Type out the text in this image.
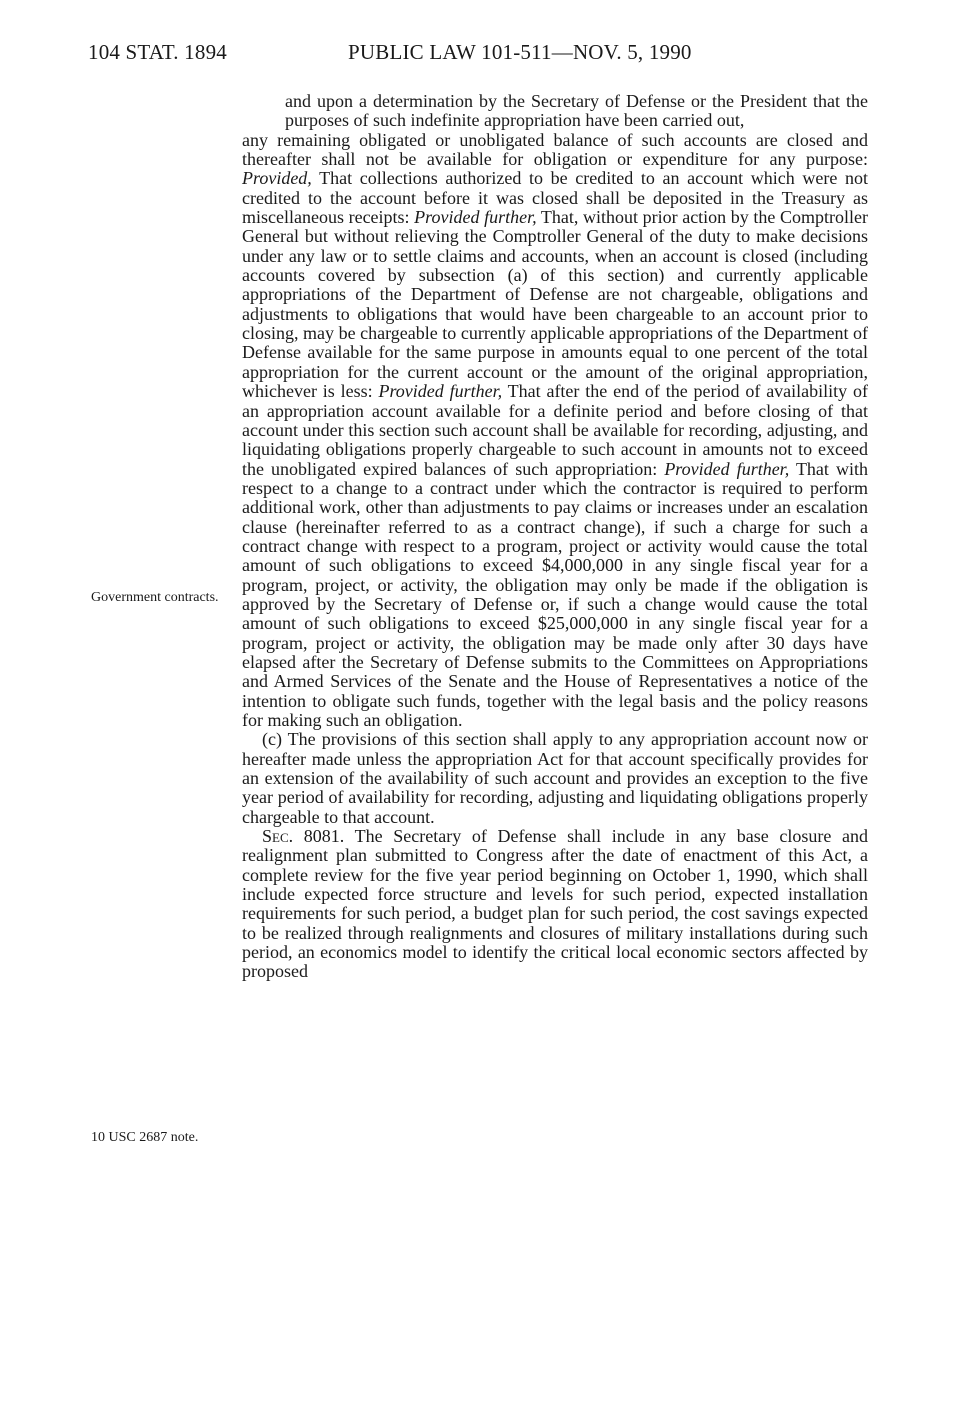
104 STAT. 1894	PUBLIC LAW 101-511—NOV. 5, 1990
Government contracts.
10 USC 2687 note.

and upon a determination by the Secretary of Defense or the President that the purposes of such indefinite appropriation have been carried out,

any remaining obligated or unobligated balance of such accounts are closed and thereafter shall not be available for obligation or expenditure for any purpose: Provided, That collections authorized to be credited to an account which were not credited to the account before it was closed shall be deposited in the Treasury as miscellaneous receipts: Provided further, That, without prior action by the Comptroller General but without relieving the Comptroller General of the duty to make decisions under any law or to settle claims and accounts, when an account is closed (including accounts covered by subsection (a) of this section) and currently applicable appropriations of the Department of Defense are not chargeable, obligations and adjustments to obligations that would have been chargeable to an account prior to closing, may be chargeable to currently applicable appropriations of the Department of Defense available for the same purpose in amounts equal to one percent of the total appropriation for the current account or the amount of the original appropriation, whichever is less: Provided further, That after the end of the period of availability of an appropriation account available for a definite period and before closing of that account under this section such account shall be available for recording, adjusting, and liquidating obligations properly chargeable to such account in amounts not to exceed the unobligated expired balances of such appropriation: Provided further, That with respect to a change to a contract under which the contractor is required to perform additional work, other than adjustments to pay claims or increases under an escalation clause (hereinafter referred to as a contract change), if such a charge for such a contract change with respect to a program, project or activity would cause the total amount of such obligations to exceed $4,000,000 in any single fiscal year for a program, project, or activity, the obligation may only be made if the obligation is approved by the Secretary of Defense or, if such a change would cause the total amount of such obligations to exceed $25,000,000 in any single fiscal year for a program, project or activity, the obligation may be made only after 30 days have elapsed after the Secretary of Defense submits to the Committees on Appropriations and Armed Services of the Senate and the House of Representatives a notice of the intention to obligate such funds, together with the legal basis and the policy reasons for making such an obligation.

(c) The provisions of this section shall apply to any appropriation account now or hereafter made unless the appropriation Act for that account specifically provides for an extension of the availability of such account and provides an exception to the five year period of availability for recording, adjusting and liquidating obligations properly chargeable to that account.

Sec. 8081. The Secretary of Defense shall include in any base closure and realignment plan submitted to Congress after the date of enactment of this Act, a complete review for the five year period beginning on October 1, 1990, which shall include expected force structure and levels for such period, expected installation requirements for such period, a budget plan for such period, the cost savings expected to be realized through realignments and closures of military installations during such period, an economics model to identify the critical local economic sectors affected by proposed
